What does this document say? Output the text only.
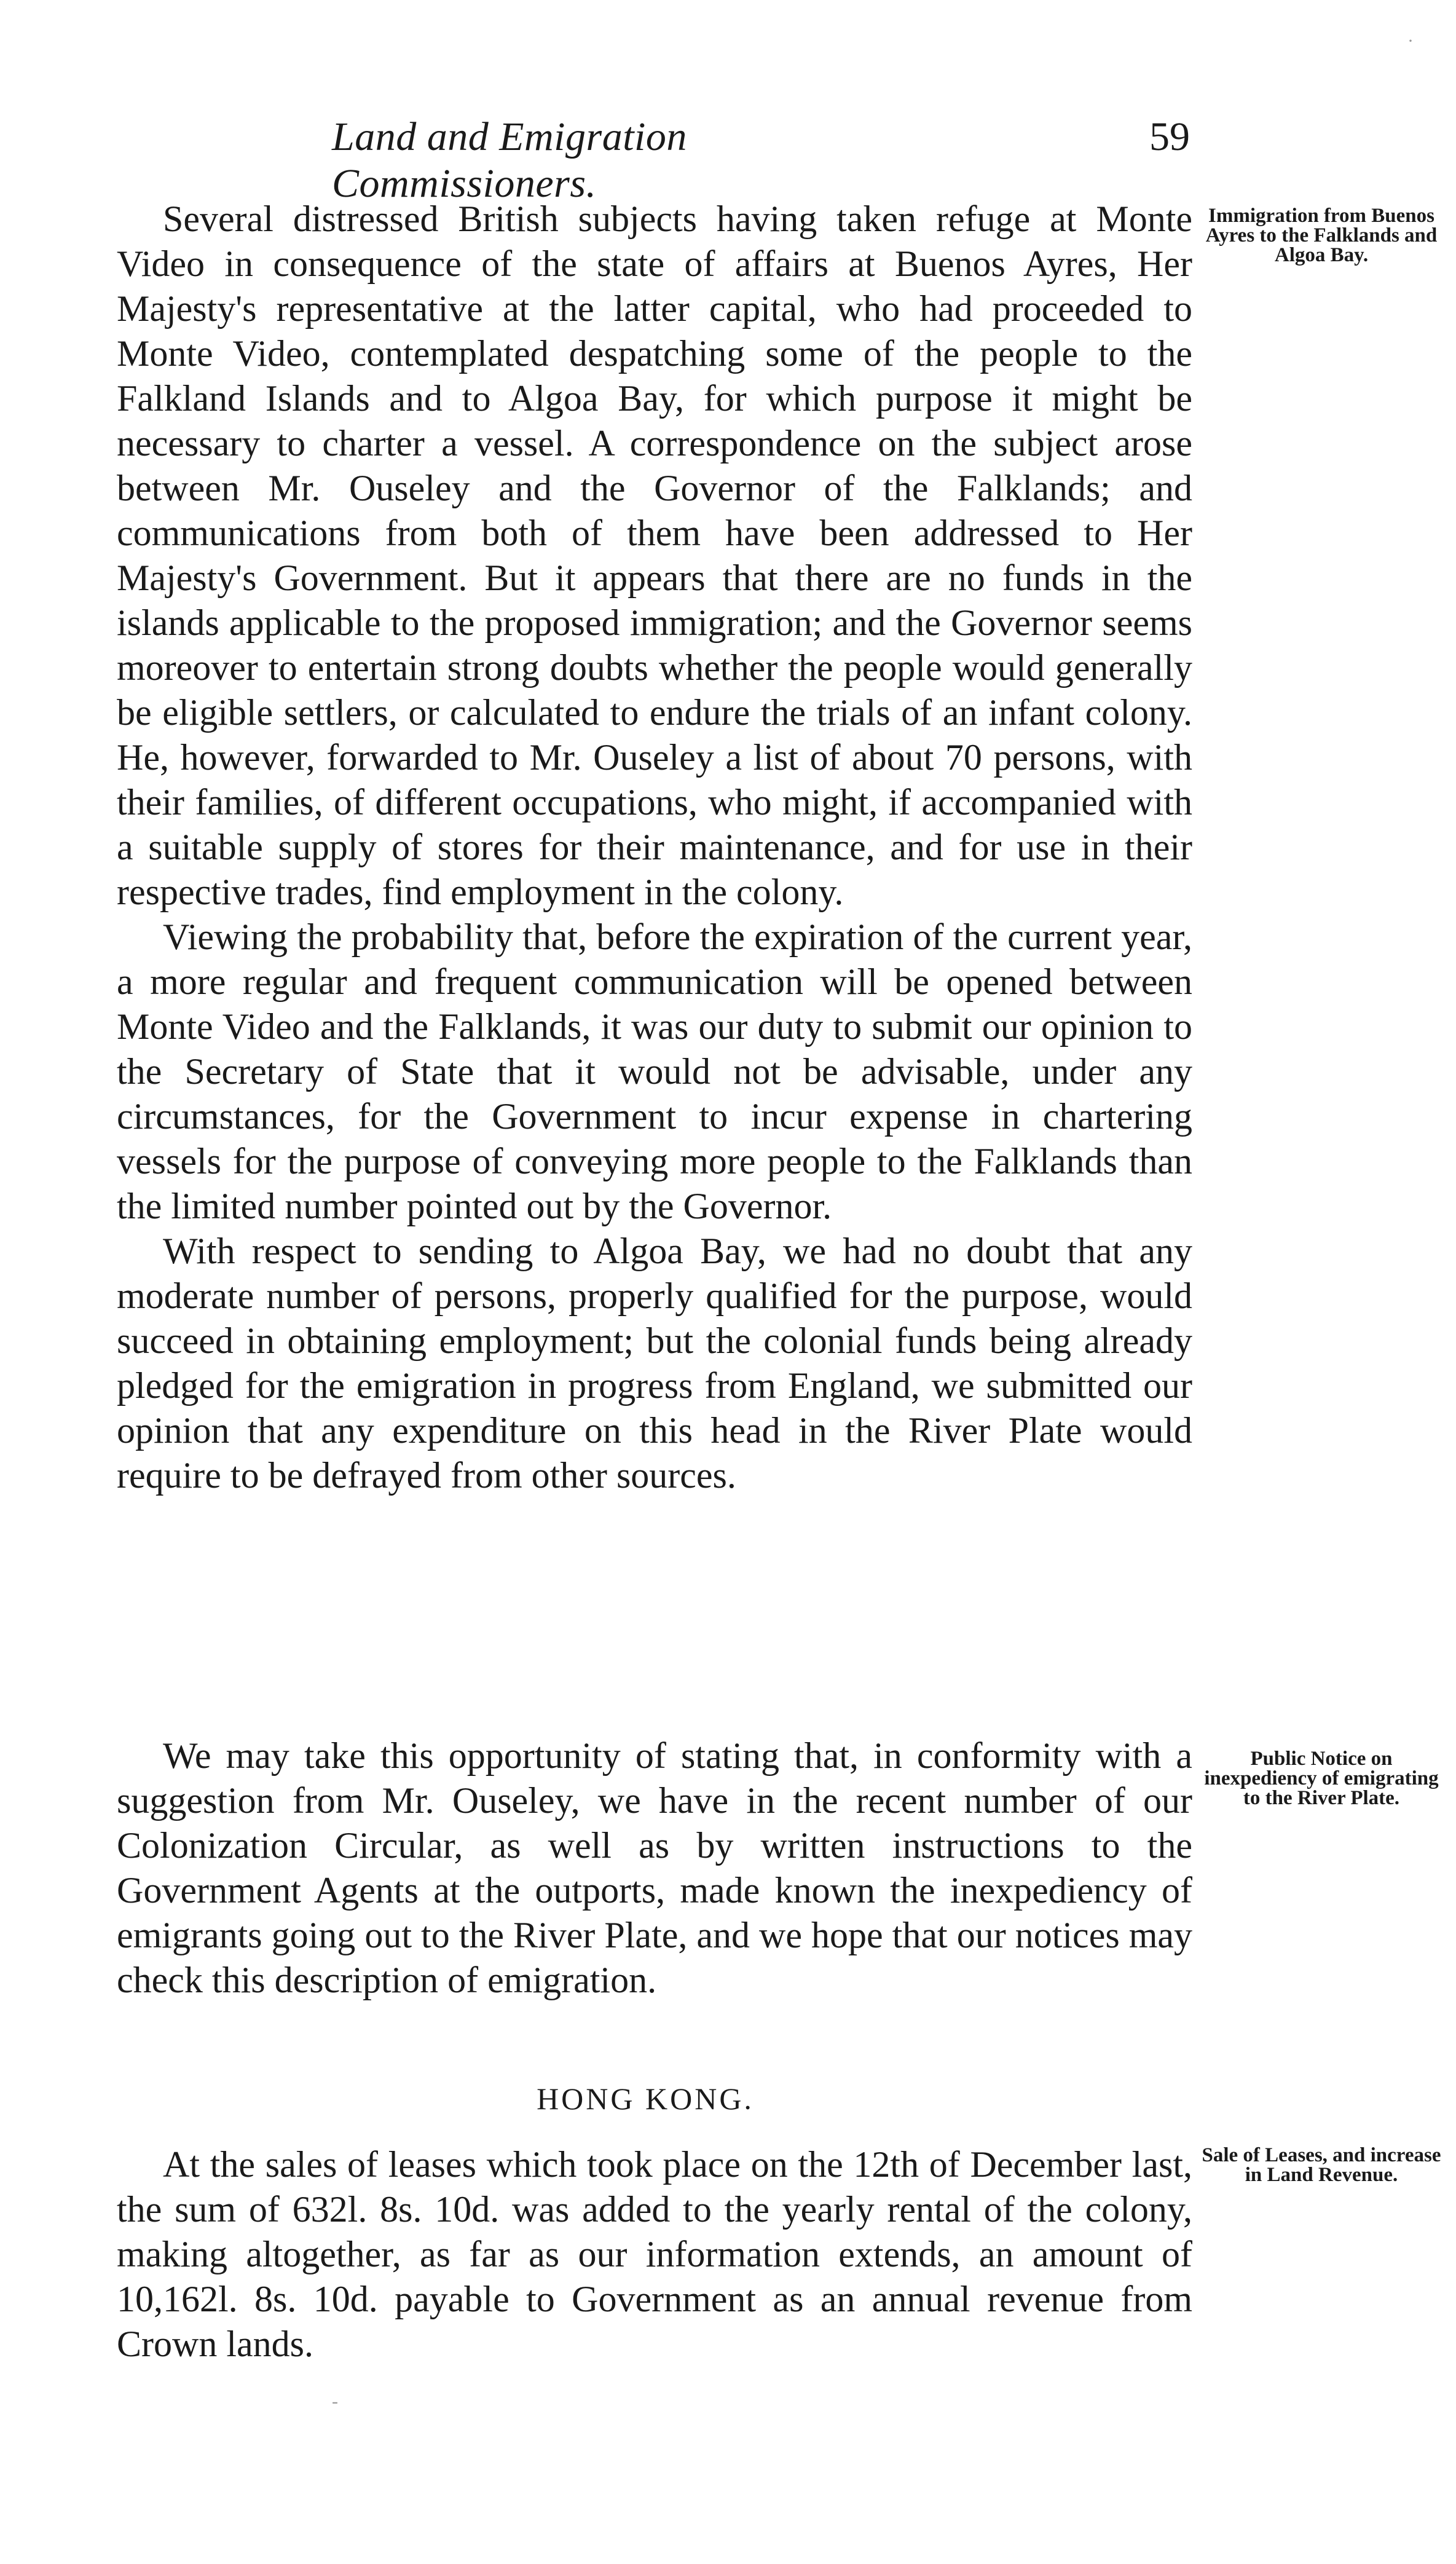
·
Land and Emigration Commissioners.
59

Several distressed British subjects having taken refuge at Monte Video in consequence of the state of affairs at Buenos Ayres, Her Majesty's representative at the latter capital, who had proceeded to Monte Video, contemplated despatching some of the people to the Falkland Islands and to Algoa Bay, for which purpose it might be necessary to charter a vessel. A correspondence on the subject arose between Mr. Ouseley and the Governor of the Falklands; and communications from both of them have been addressed to Her Majesty's Government. But it appears that there are no funds in the islands applicable to the proposed immigration; and the Governor seems moreover to entertain strong doubts whether the people would generally be eligible settlers, or calculated to endure the trials of an infant colony. He, however, forwarded to Mr. Ouseley a list of about 70 persons, with their families, of different occupations, who might, if accompanied with a suitable supply of stores for their maintenance, and for use in their respective trades, find employment in the colony.

Viewing the probability that, before the expiration of the current year, a more regular and frequent communication will be opened between Monte Video and the Falklands, it was our duty to submit our opinion to the Secretary of State that it would not be advisable, under any circumstances, for the Government to incur expense in chartering vessels for the purpose of conveying more people to the Falklands than the limited number pointed out by the Governor.

With respect to sending to Algoa Bay, we had no doubt that any moderate number of persons, properly qualified for the purpose, would succeed in obtaining employment; but the colonial funds being already pledged for the emigration in progress from England, we submitted our opinion that any expenditure on this head in the River Plate would require to be defrayed from other sources.

Immigration from Buenos Ayres to the Falklands and Algoa Bay.

We may take this opportunity of stating that, in conformity with a suggestion from Mr. Ouseley, we have in the recent number of our Colonization Circular, as well as by written instructions to the Government Agents at the outports, made known the inexpediency of emigrants going out to the River Plate, and we hope that our notices may check this description of emigration.

Public Notice on inexpediency of emigrating to the River Plate.
HONG KONG.

At the sales of leases which took place on the 12th of December last, the sum of 632l. 8s. 10d. was added to the yearly rental of the colony, making altogether, as far as our information extends, an amount of 10,162l. 8s. 10d. payable to Government as an annual revenue from Crown lands.

Sale of Leases, and increase in Land Revenue.
-
